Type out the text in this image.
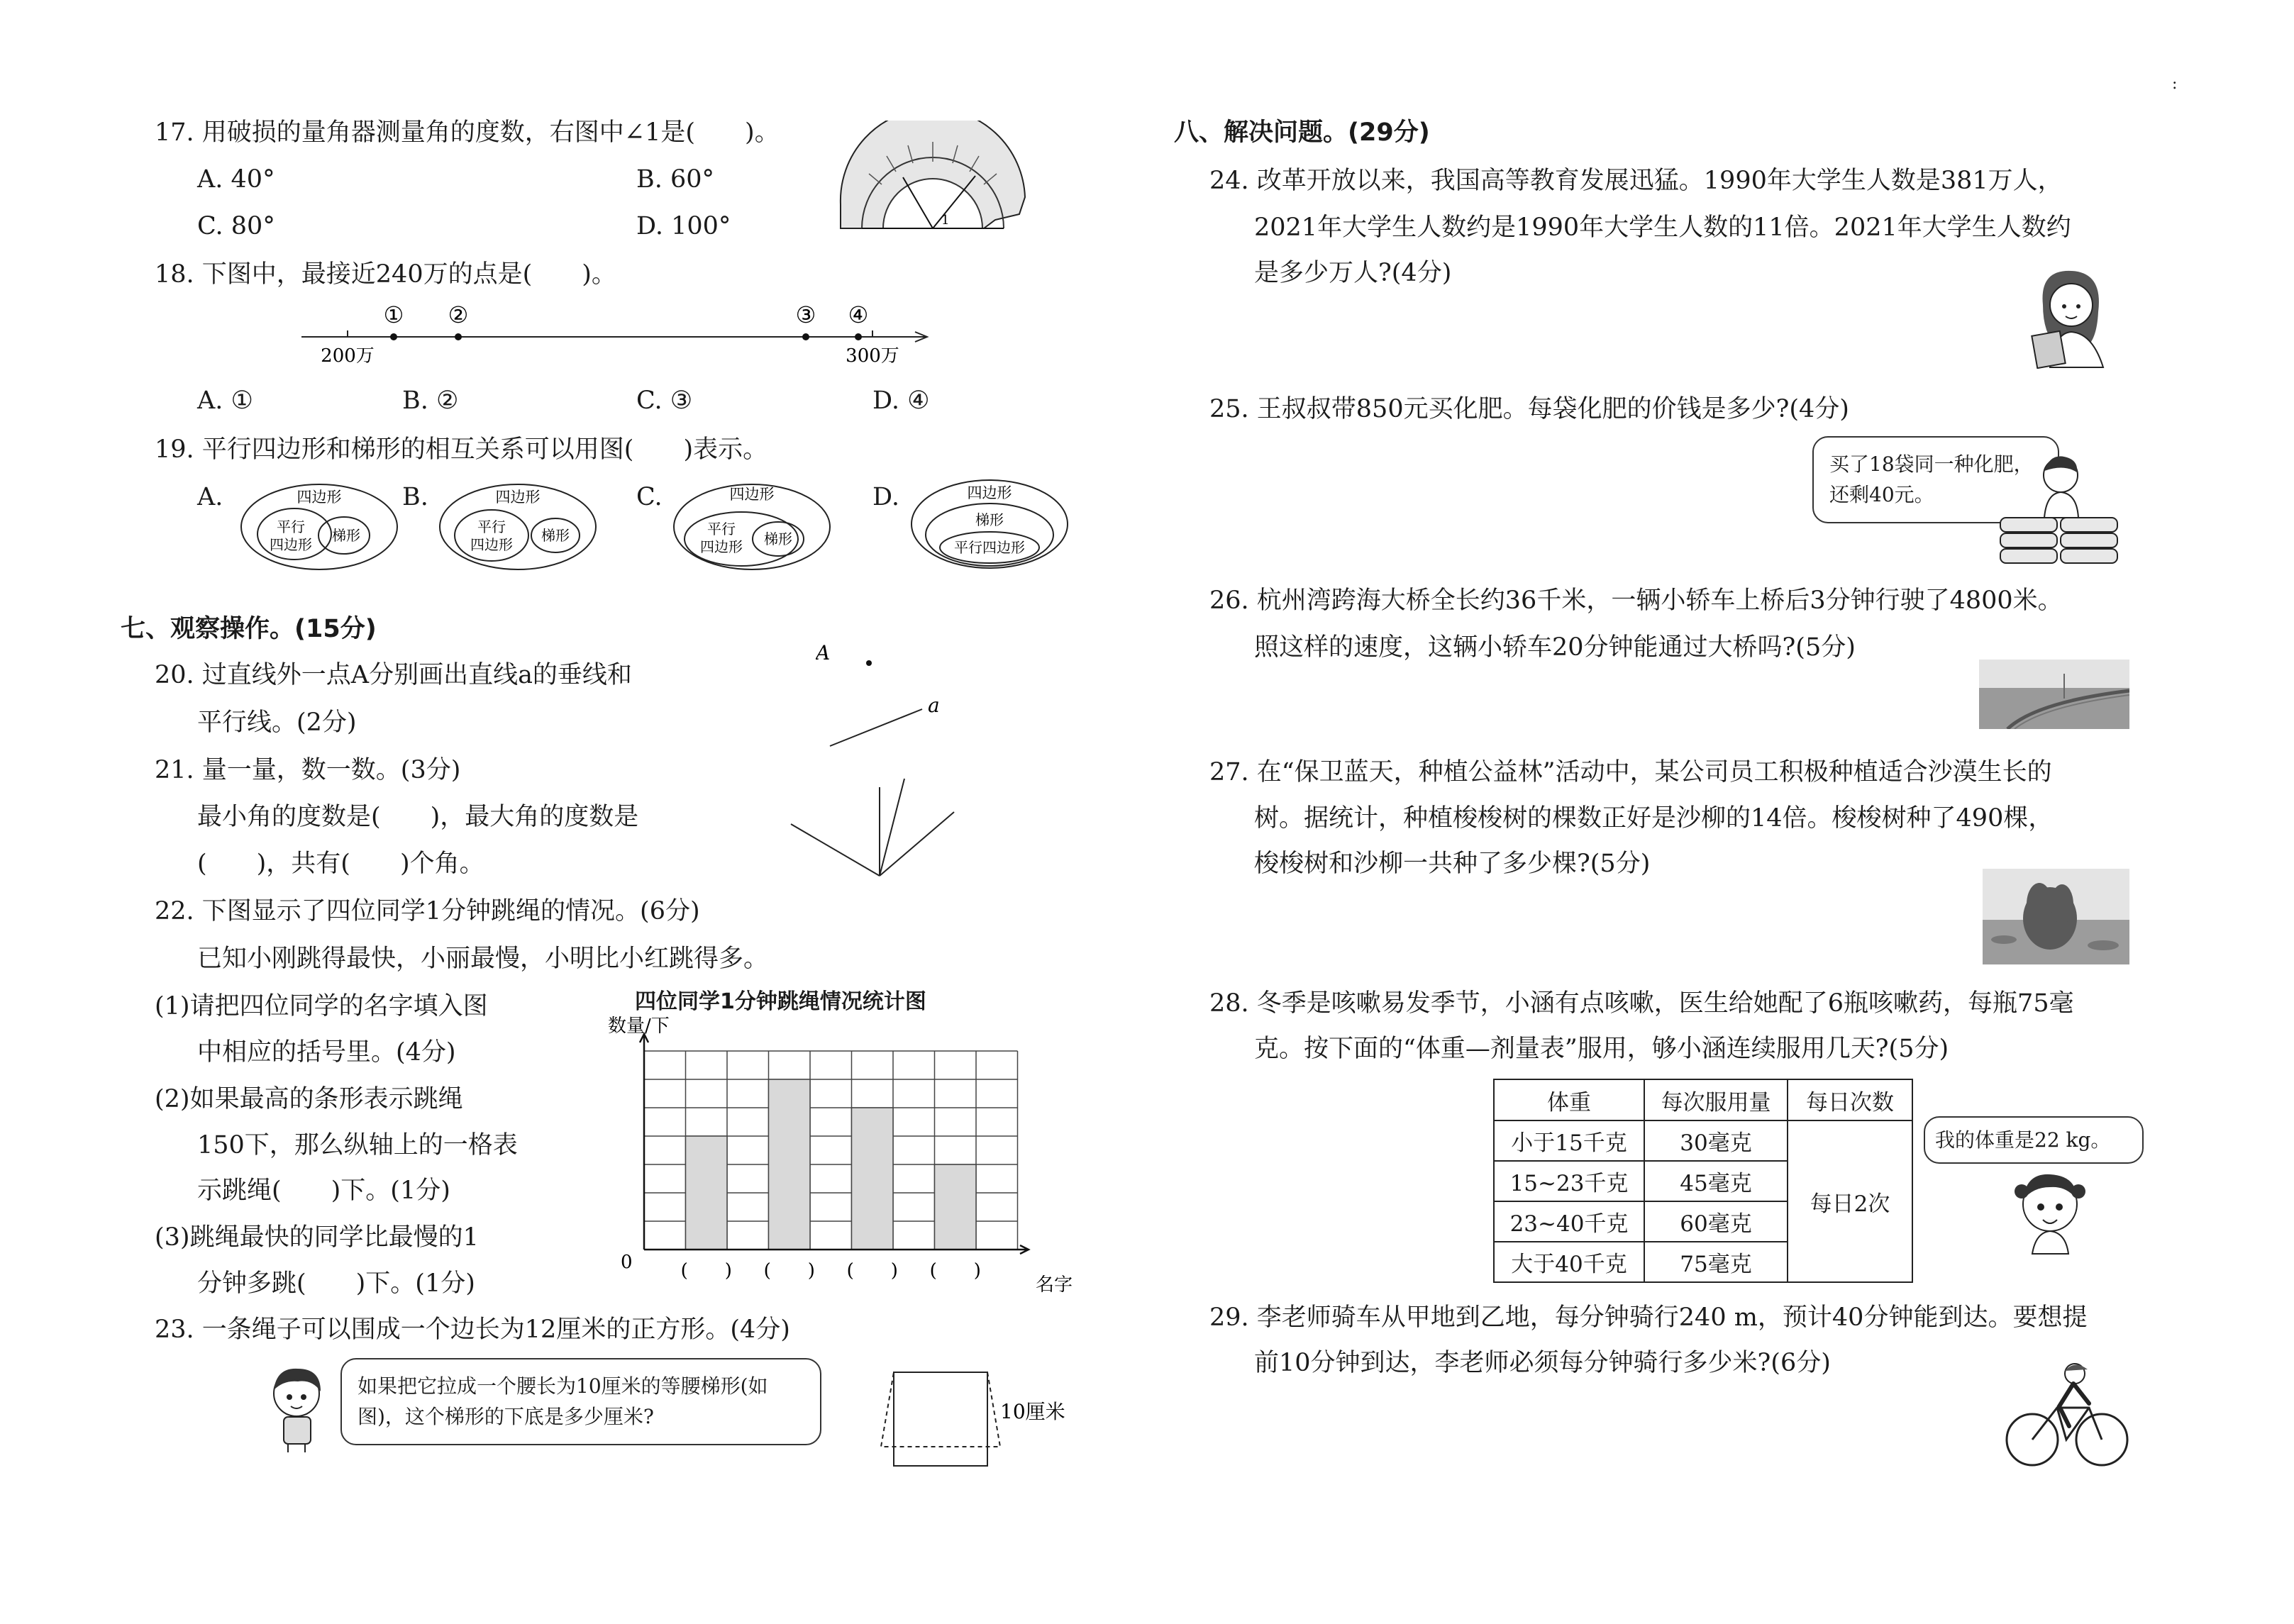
17. 用破损的量角器测量角的度数，右图中∠1是(　　)。
A. 40°	B. 60°
C. 80°	D. 100°	1
18. 下图中，最接近240万的点是(　　)。
① ②	③ ④
200万	300万
A. ①	B. ②	C. ③	D. ④
19. 平行四边形和梯形的相互关系可以用图(　　)表示。
A.	四边形
平行
四边形
梯形
B.	四边形
平行
四边形
梯形
C.	四边形
平行
四边形 梯形
D.	四边形
梯形
平行四边形
七、观察操作。(15分)
20. 过直线外一点A分别画出直线a的垂线和
平行线。(2分)
A
a
21. 量一量，数一数。(3分)
最小角的度数是(　　)，最大角的度数是
(　　)，共有(　　)个角。
22. 下图显示了四位同学1分钟跳绳的情况。(6分)
已知小刚跳得最快，小丽最慢，小明比小红跳得多。
(1)请把四位同学的名字填入图
中相应的括号里。(4分)
(2)如果最高的条形表示跳绳
150下，那么纵轴上的一格表
示跳绳(　　)下。(1分)
(3)跳绳最快的同学比最慢的1
分钟多跳(　　)下。(1分)
四位同学1分钟跳绳情况统计图
数量/下
0	(　　) (　　) (　　) (　　)
名字
23. 一条绳子可以围成一个边长为12厘米的正方形。(4分)
如果把它拉成一个腰长为10厘米的等腰梯形(如图)，这个梯形的下底是多少厘米?	10厘米
:
八、解决问题。(29分)
24. 改革开放以来，我国高等教育发展迅猛。1990年大学生人数是381万人，
2021年大学生人数约是1990年大学生人数的11倍。2021年大学生人数约
是多少万人?(4分)
25. 王叔叔带850元买化肥。每袋化肥的价钱是多少?(4分)
买了18袋同一种化肥，还剩40元。
26. 杭州湾跨海大桥全长约36千米，一辆小轿车上桥后3分钟行驶了4800米。
照这样的速度，这辆小轿车20分钟能通过大桥吗?(5分)
27. 在“保卫蓝天，种植公益林”活动中，某公司员工积极种植适合沙漠生长的
树。据统计，种植梭梭树的棵数正好是沙柳的14倍。梭梭树种了490棵，
梭梭树和沙柳一共种了多少棵?(5分)
28. 冬季是咳嗽易发季节，小涵有点咳嗽，医生给她配了6瓶咳嗽药，每瓶75毫
克。按下面的“体重—剂量表”服用，够小涵连续服用几天?(5分)
体重	每次服用量	每日次数
小于15千克	30毫克	每日2次
15~23千克	45毫克	
23~40千克	60毫克	
大于40千克	75毫克	
我的体重是22 kg。
29. 李老师骑车从甲地到乙地，每分钟骑行240 m，预计40分钟能到达。要想提
前10分钟到达，李老师必须每分钟骑行多少米?(6分)
